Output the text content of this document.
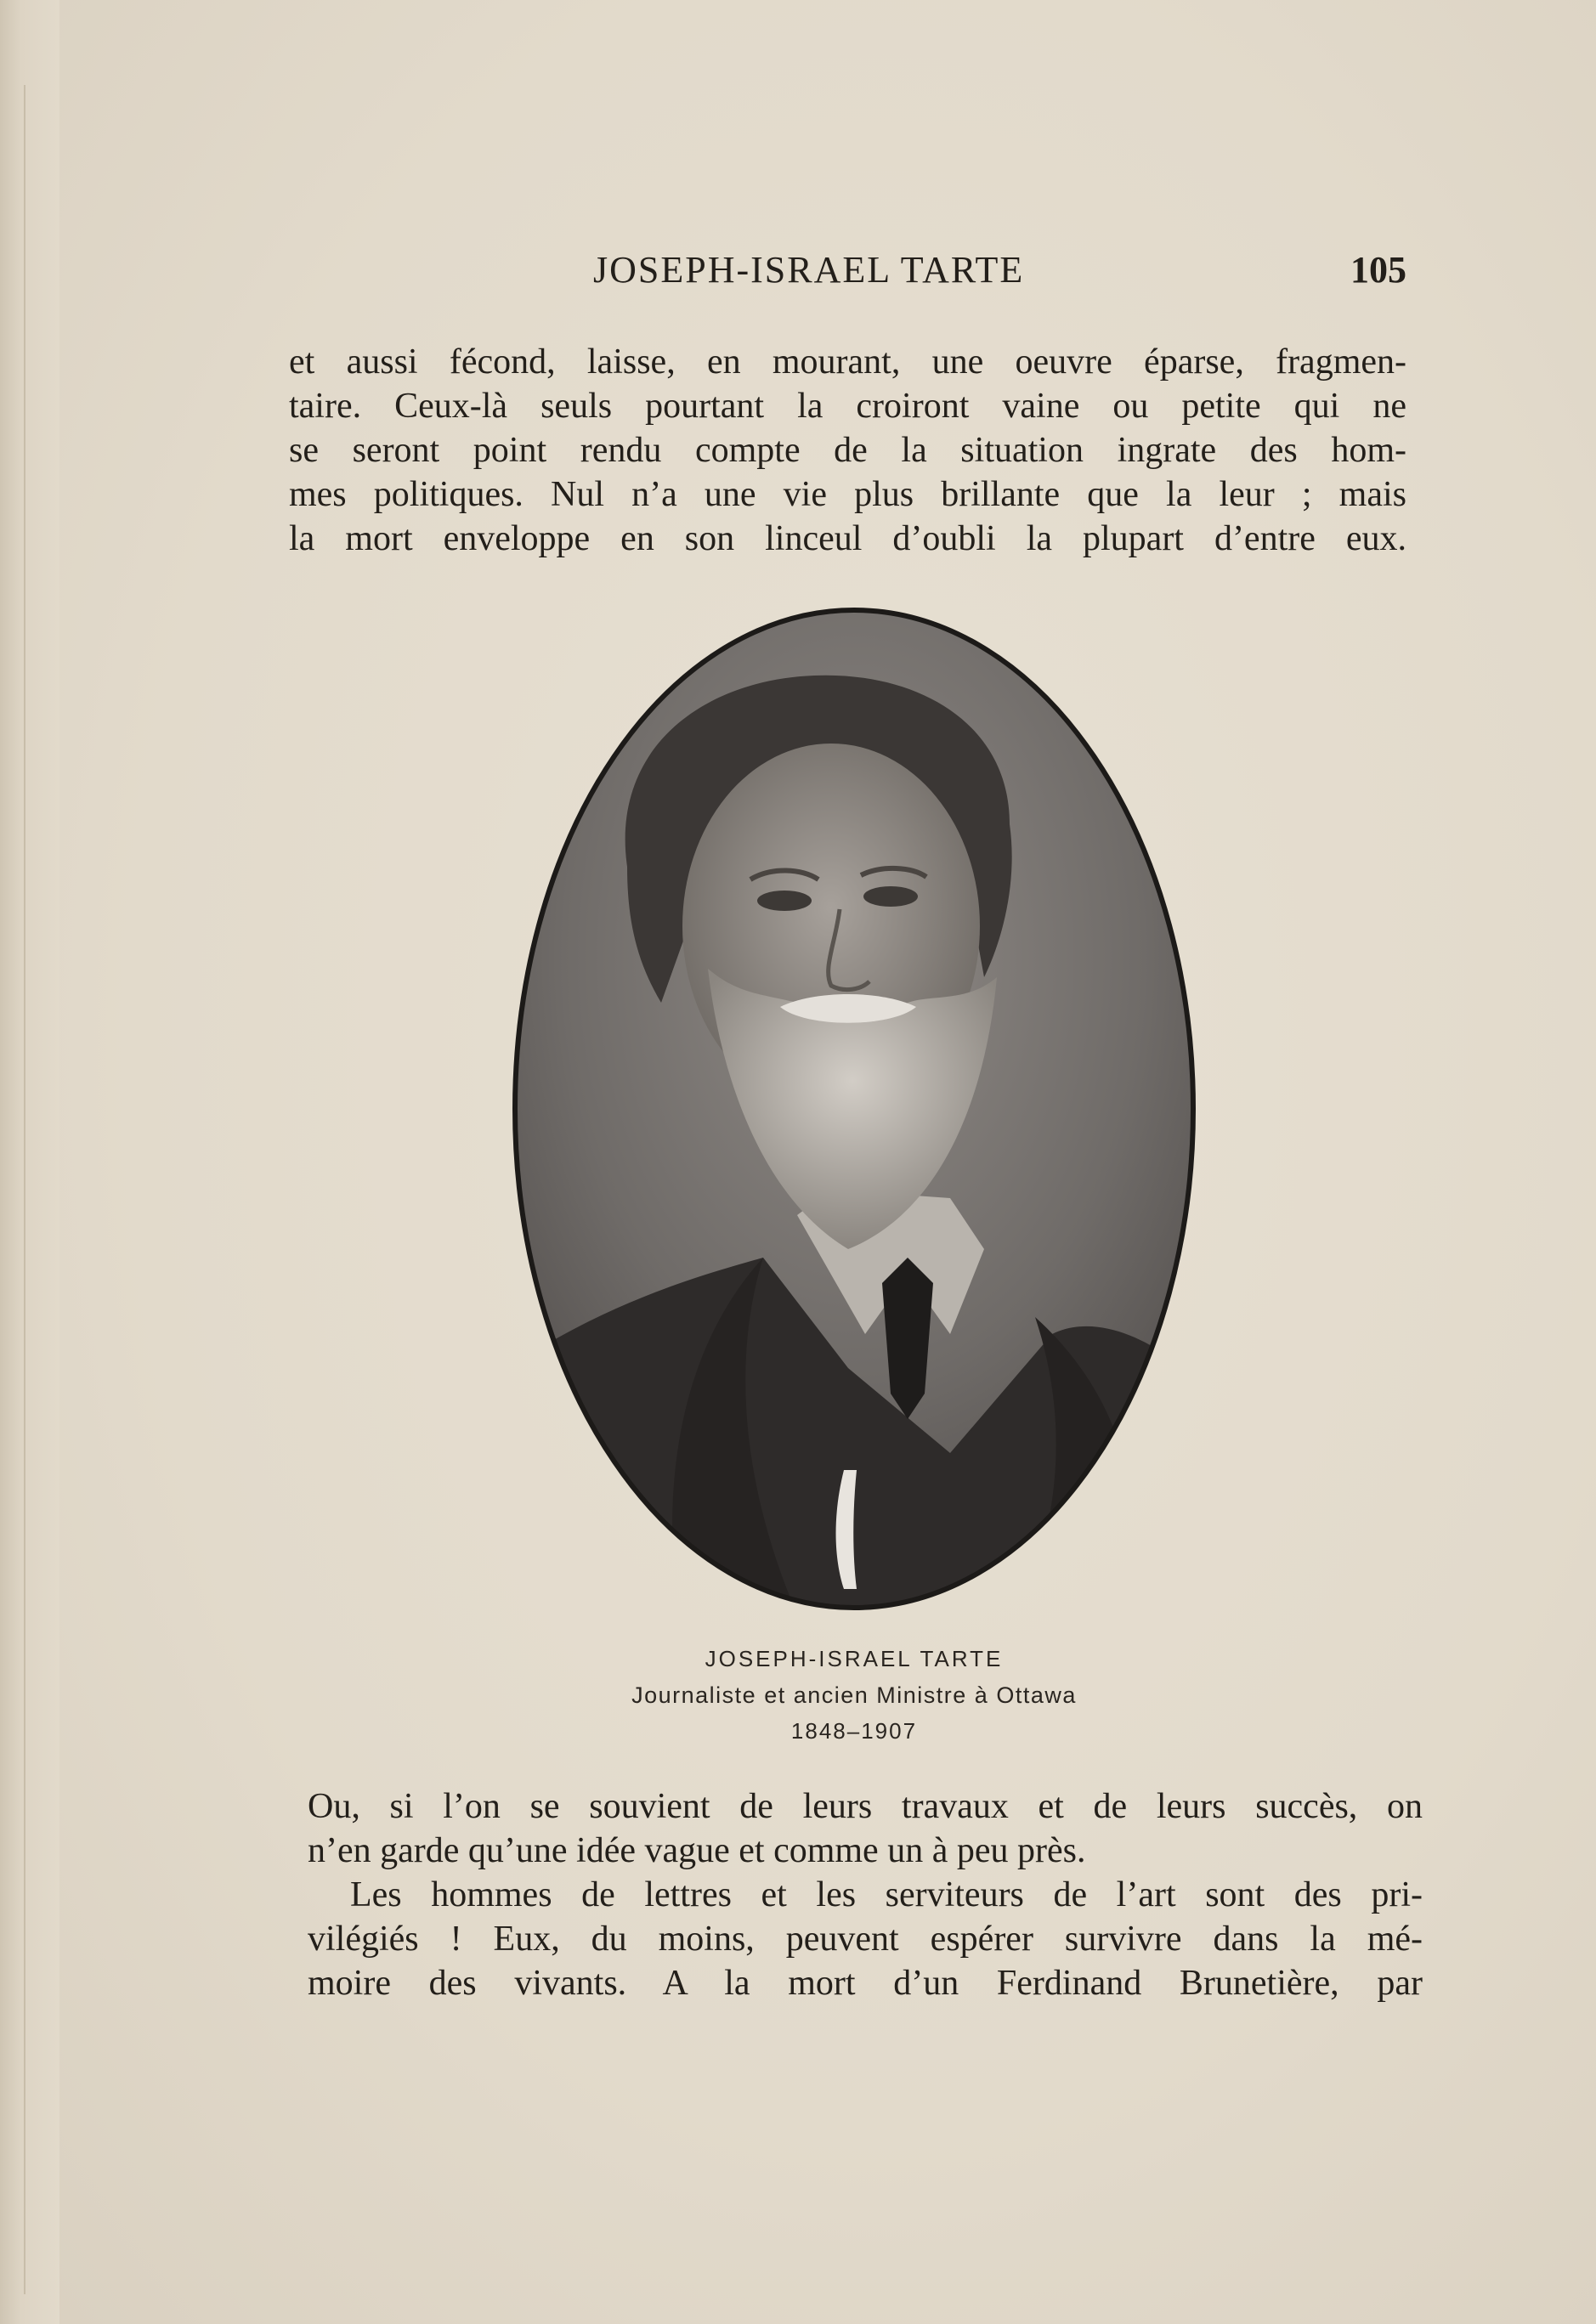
JOSEPH-ISRAEL TARTE	105
et aussi fécond, laisse, en mourant, une oeuvre éparse, fragmen-
taire. Ceux-là seuls pourtant la croiront vaine ou petite qui ne
se seront point rendu compte de la situation ingrate des hom-
mes politiques. Nul n’a une vie plus brillante que la leur ; mais
la mort enveloppe en son linceul d’oubli la plupart d’entre eux.
JOSEPH-ISRAEL TARTE
Journaliste et ancien Ministre à Ottawa
1848–1907
Ou, si l’on se souvient de leurs travaux et de leurs succès, on
n’en garde qu’une idée vague et comme un à peu près.
Les hommes de lettres et les serviteurs de l’art sont des pri-
vilégiés ! Eux, du moins, peuvent espérer survivre dans la mé-
moire des vivants. A la mort d’un Ferdinand Brunetière, par
